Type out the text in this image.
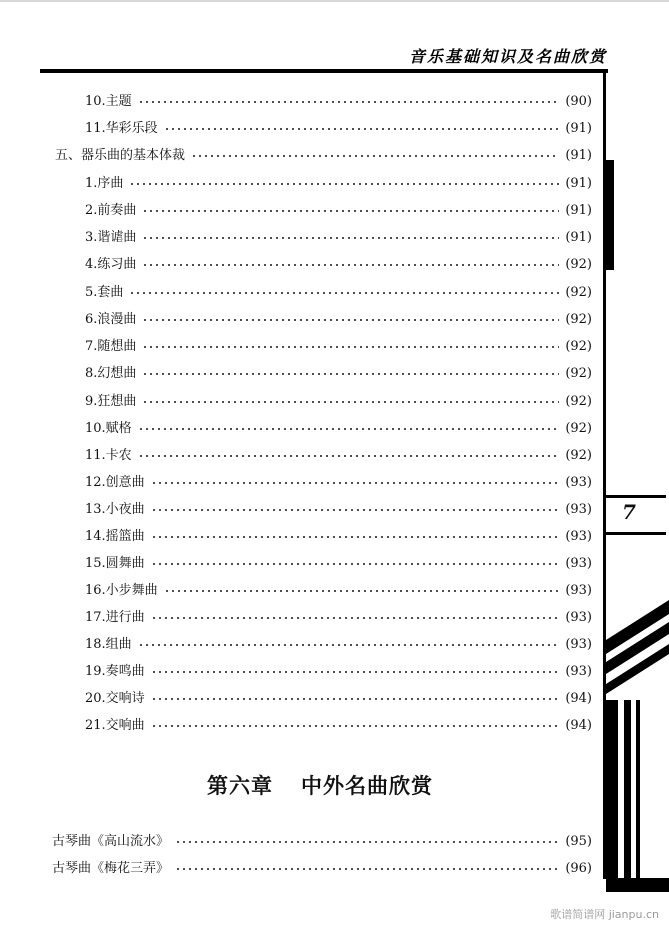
音乐基础知识及名曲欣赏
7
10.主题	(90)
11.华彩乐段	(91)
五、器乐曲的基本体裁	(91)
1.序曲	(91)
2.前奏曲	(91)
3.谐谑曲	(91)
4.练习曲	(92)
5.套曲	(92)
6.浪漫曲	(92)
7.随想曲	(92)
8.幻想曲	(92)
9.狂想曲	(92)
10.赋格	(92)
11.卡农	(92)
12.创意曲	(93)
13.小夜曲	(93)
14.摇篮曲	(93)
15.圆舞曲	(93)
16.小步舞曲	(93)
17.进行曲	(93)
18.组曲	(93)
19.奏鸣曲	(93)
20.交响诗	(94)
21.交响曲	(94)
第六章 中外名曲欣赏
古琴曲《高山流水》	(95)
古琴曲《梅花三弄》	(96)
歌谱简谱网 jianpu.cn
